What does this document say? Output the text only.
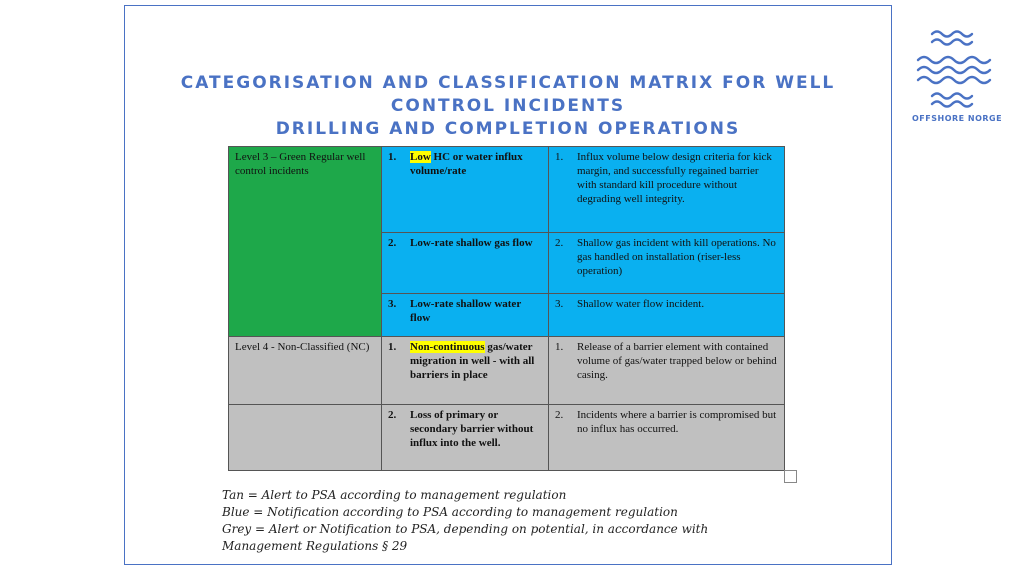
CATEGORISATION AND CLASSIFICATION MATRIX FOR WELL
CONTROL INCIDENTS
DRILLING AND COMPLETION OPERATIONS
OFFSHORE NORGE
Level 3 – Green Regular well control incidents	1. Low HC or water influx volume/rate	1. Influx volume below design criteria for kick margin, and successfully regained barrier with standard kill procedure without degrading well integrity.

	2. Low-rate shallow gas flow	2. Shallow gas incident with kill operations. No gas handled on installation (riser-less operation)

	3. Low-rate shallow water flow	3. Shallow water flow incident.

Level 4 - Non-Classified (NC)	1. Non-continuous gas/water migration in well - with all barriers in place	1. Release of a barrier element with contained volume of gas/water trapped below or behind casing.

	2. Loss of primary or secondary barrier without influx into the well.	2. Incidents where a barrier is compromised but no influx has occurred.
Tan = Alert to PSA according to management regulation
Blue = Notification according to PSA according to management regulation
Grey = Alert or Notification to PSA, depending on potential, in accordance with
Management Regulations § 29
